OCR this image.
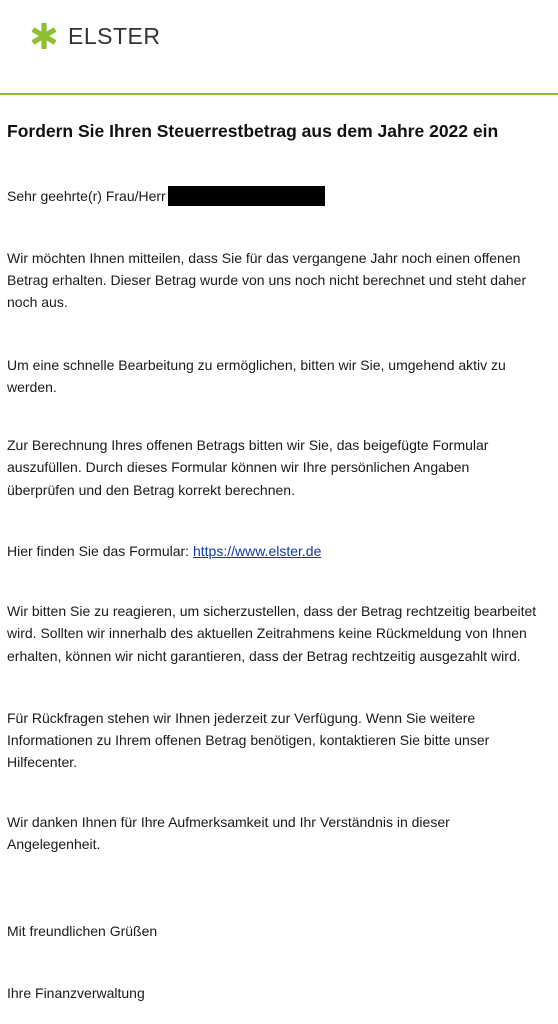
ELSTER
Fordern Sie Ihren Steuerrestbetrag aus dem Jahre 2022 ein
Sehr geehrte(r) Frau/Herr
Wir möchten Ihnen mitteilen, dass Sie für das vergangene Jahr noch einen offenen
Betrag erhalten. Dieser Betrag wurde von uns noch nicht berechnet und steht daher
noch aus.
Um eine schnelle Bearbeitung zu ermöglichen, bitten wir Sie, umgehend aktiv zu
werden.
Zur Berechnung Ihres offenen Betrags bitten wir Sie, das beigefügte Formular
auszufüllen. Durch dieses Formular können wir Ihre persönlichen Angaben
überprüfen und den Betrag korrekt berechnen.
Hier finden Sie das Formular: https://www.elster.de
Wir bitten Sie zu reagieren, um sicherzustellen, dass der Betrag rechtzeitig bearbeitet
wird. Sollten wir innerhalb des aktuellen Zeitrahmens keine Rückmeldung von Ihnen
erhalten, können wir nicht garantieren, dass der Betrag rechtzeitig ausgezahlt wird.
Für Rückfragen stehen wir Ihnen jederzeit zur Verfügung. Wenn Sie weitere
Informationen zu Ihrem offenen Betrag benötigen, kontaktieren Sie bitte unser
Hilfecenter.
Wir danken Ihnen für Ihre Aufmerksamkeit und Ihr Verständnis in dieser
Angelegenheit.
Mit freundlichen Grüßen
Ihre Finanzverwaltung
